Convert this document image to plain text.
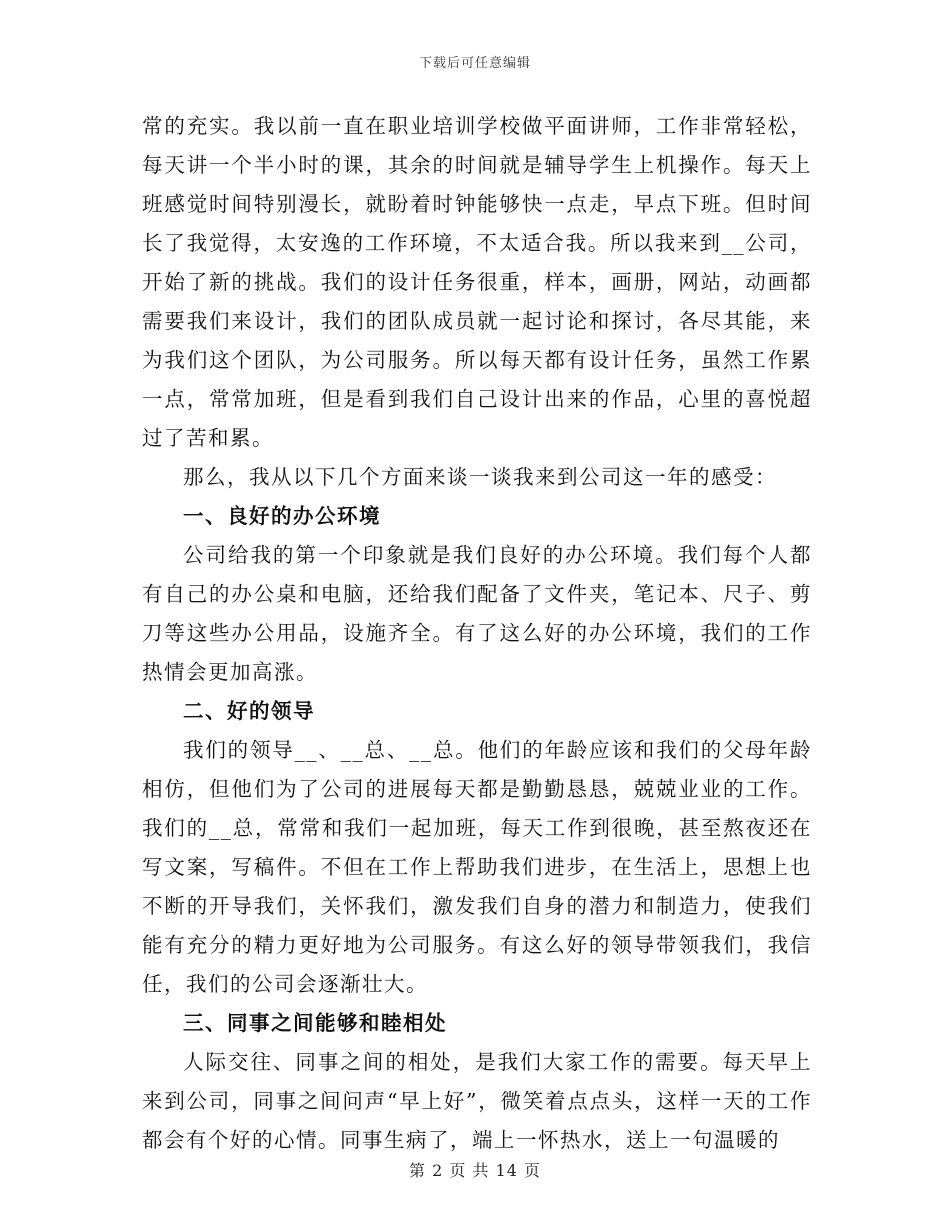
下载后可任意编辑

常的充实。我以前一直在职业培训学校做平面讲师，工作非常轻松，每天讲一个半小时的课，其余的时间就是辅导学生上机操作。每天上班感觉时间特别漫长，就盼着时钟能够快一点走，早点下班。但时间长了我觉得，太安逸的工作环境，不太适合我。所以我来到__公司，开始了新的挑战。我们的设计任务很重，样本，画册，网站，动画都需要我们来设计，我们的团队成员就一起讨论和探讨，各尽其能，来为我们这个团队，为公司服务。所以每天都有设计任务，虽然工作累一点，常常加班，但是看到我们自己设计出来的作品，心里的喜悦超过了苦和累。

那么，我从以下几个方面来谈一谈我来到公司这一年的感受：

一、良好的办公环境

公司给我的第一个印象就是我们良好的办公环境。我们每个人都有自己的办公桌和电脑，还给我们配备了文件夹，笔记本、尺子、剪刀等这些办公用品，设施齐全。有了这么好的办公环境，我们的工作热情会更加高涨。

二、好的领导

我们的领导__、__总、__总。他们的年龄应该和我们的父母年龄相仿，但他们为了公司的进展每天都是勤勤恳恳，兢兢业业的工作。我们的__总，常常和我们一起加班，每天工作到很晚，甚至熬夜还在写文案，写稿件。不但在工作上帮助我们进步，在生活上，思想上也不断的开导我们，关怀我们，激发我们自身的潜力和制造力，使我们能有充分的精力更好地为公司服务。有这么好的领导带领我们，我信任，我们的公司会逐渐壮大。

三、同事之间能够和睦相处

人际交往、同事之间的相处，是我们大家工作的需要。每天早上来到公司，同事之间问声“早上好”，微笑着点点头，这样一天的工作都会有个好的心情。同事生病了，端上一怀热水，送上一句温暖的

第 2 页 共 14 页
